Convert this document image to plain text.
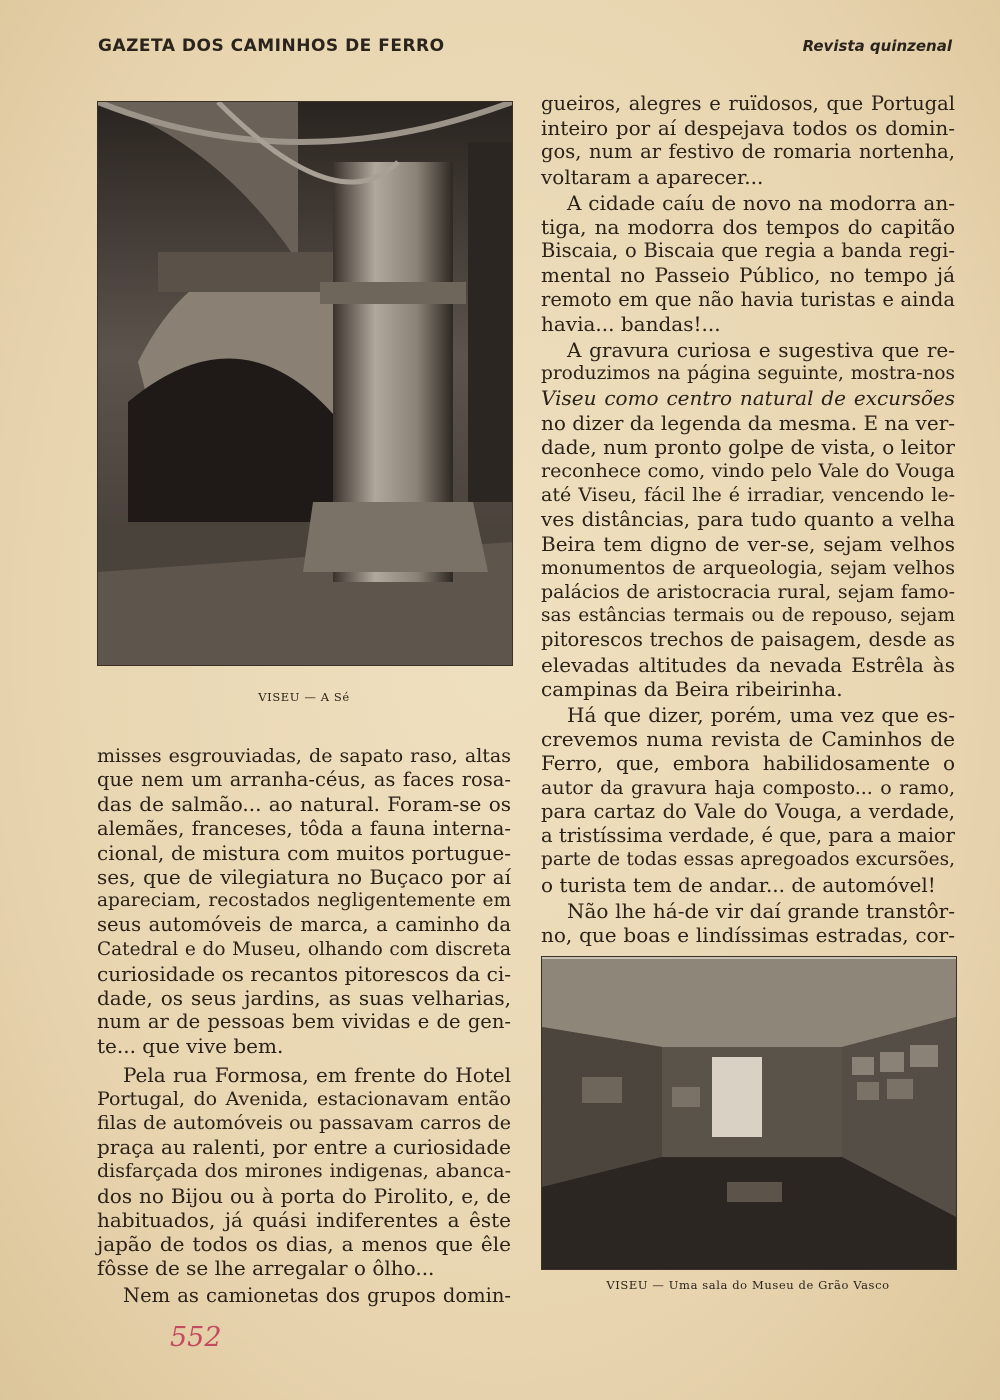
GAZETA DOS CAMINHOS DE FERRO	Revista quinzenal
VISEU — A Sé
VISEU — Uma sala do Museu de Grão Vasco
misses esgrouviadas, de sapato raso, altas
que nem um arranha-céus, as faces rosa-
das de salmão... ao natural. Foram-se os
alemães, franceses, tôda a fauna interna-
cional, de mistura com muitos portugue-
ses, que de vilegiatura no Buçaco por aí
apareciam, recostados negligentemente em
seus automóveis de marca, a caminho da
Catedral e do Museu, olhando com discreta
curiosidade os recantos pitorescos da ci-
dade, os seus jardins, as suas velharias,
num ar de pessoas bem vividas e de gen-
te... que vive bem.
Pela rua Formosa, em frente do Hotel
Portugal, do Avenida, estacionavam então
filas de automóveis ou passavam carros de
praça au ralenti, por entre a curiosidade
disfarçada dos mirones indigenas, abanca-
dos no Bijou ou à porta do Pirolito, e, de
habituados, já quási indiferentes a êste
japão de todos os dias, a menos que êle
fôsse de se lhe arregalar o ôlho...
Nem as camionetas dos grupos domin-
gueiros, alegres e ruïdosos, que Portugal
inteiro por aí despejava todos os domin-
gos, num ar festivo de romaria nortenha,
voltaram a aparecer...
A cidade caíu de novo na modorra an-
tiga, na modorra dos tempos do capitão
Biscaia, o Biscaia que regia a banda regi-
mental no Passeio Público, no tempo já
remoto em que não havia turistas e ainda
havia... bandas!...
A gravura curiosa e sugestiva que re-
produzimos na página seguinte, mostra-nos
Viseu como centro natural de excursões
no dizer da legenda da mesma. E na ver-
dade, num pronto golpe de vista, o leitor
reconhece como, vindo pelo Vale do Vouga
até Viseu, fácil lhe é irradiar, vencendo le-
ves distâncias, para tudo quanto a velha
Beira tem digno de ver-se, sejam velhos
monumentos de arqueologia, sejam velhos
palácios de aristocracia rural, sejam famo-
sas estâncias termais ou de repouso, sejam
pitorescos trechos de paisagem, desde as
elevadas altitudes da nevada Estrêla às
campinas da Beira ribeirinha.
Há que dizer, porém, uma vez que es-
crevemos numa revista de Caminhos de
Ferro, que, embora habilidosamente o
autor da gravura haja composto... o ramo,
para cartaz do Vale do Vouga, a verdade,
a tristíssima verdade, é que, para a maior
parte de todas essas apregoados excursões,
o turista tem de andar... de automóvel!
Não lhe há-de vir daí grande transtôr-
no, que boas e lindíssimas estradas, cor-
552
